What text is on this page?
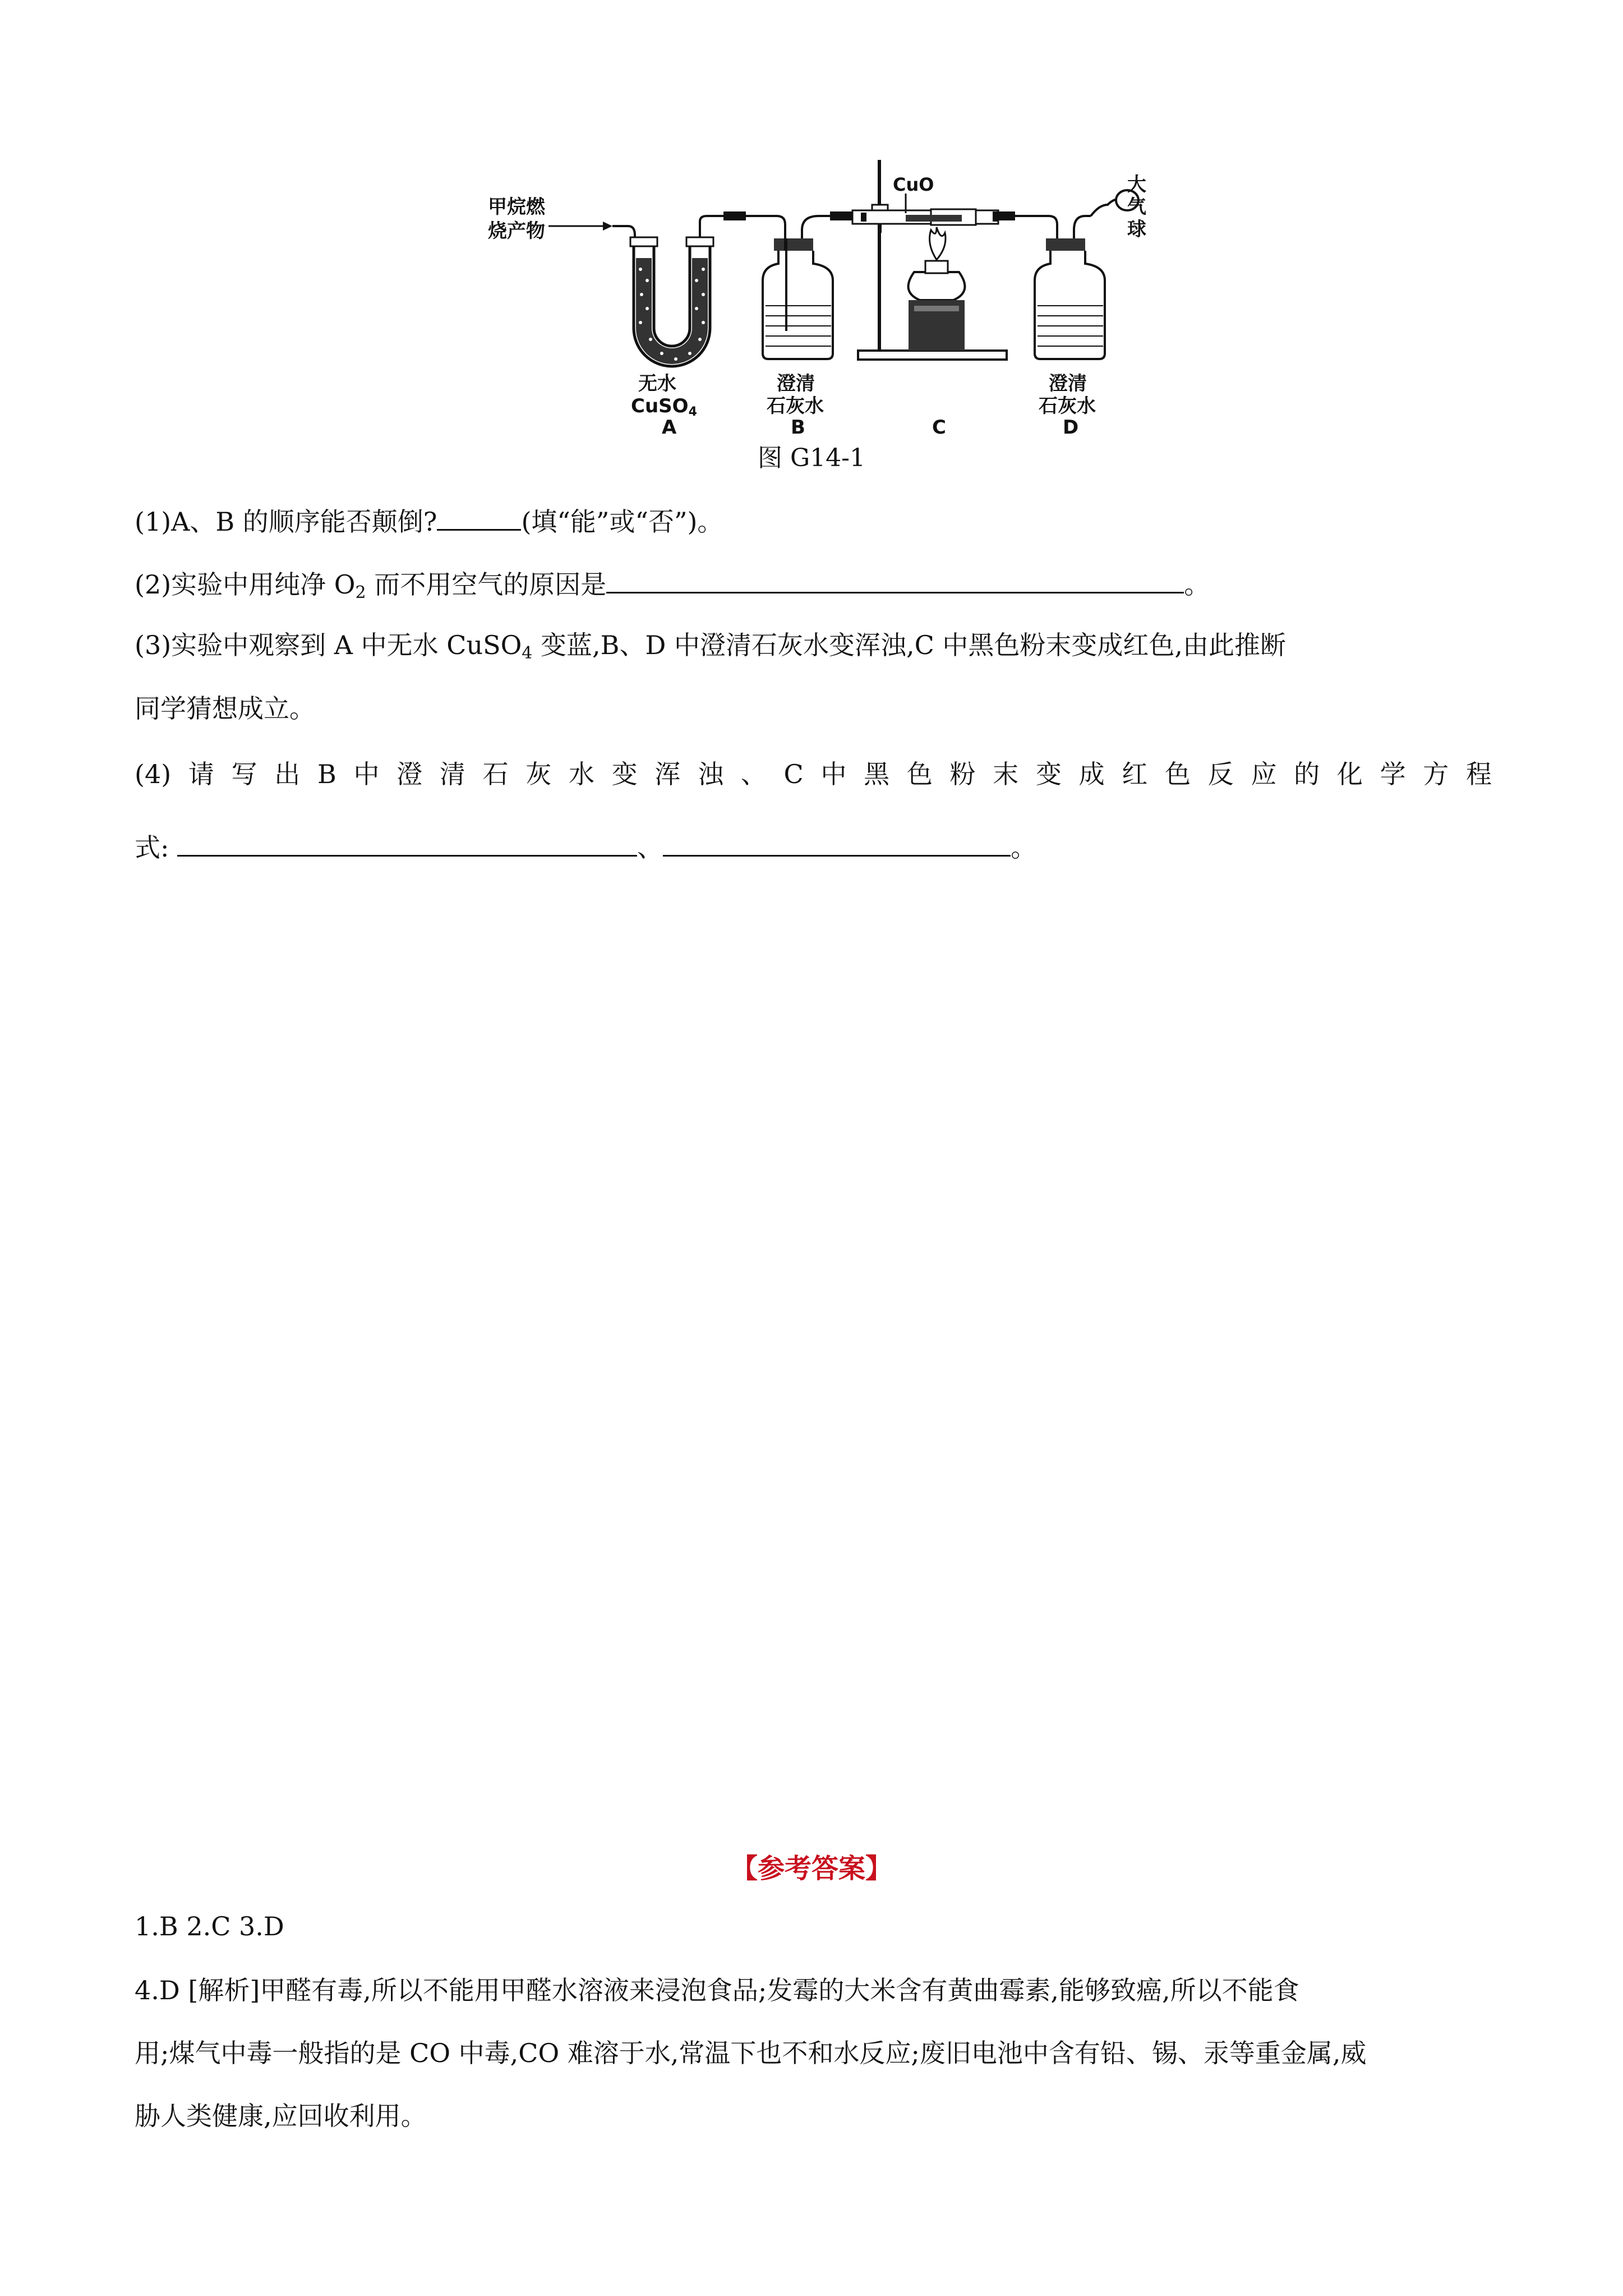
甲烷燃
烧产物
CuO	大
气
球
无水
CuSO4
A
澄清
石灰水
B	C
澄清
石灰水
D
图 G14-1
(1)A、B 的顺序能否颠倒?	(填“能”或“否”)。
(2)实验中用纯净 $O_2$ 而不用空气的原因是	。
(3)实验中观察到 A 中无水 CuSO$_4$ 变蓝,B、D 中澄清石灰水变浑浊,C 中黑色粉末变成红色,由此推断
同学猜想成立。
(4) 请 写 出 B 中 澄 清 石 灰 水 变 浑 浊 、 C 中 黑 色 粉 末 变 成 红 色 反 应 的 化 学 方 程
式:	、	。
【参考答案】
1.B 2.C 3.D
4.D [解析]甲醛有毒,所以不能用甲醛水溶液来浸泡食品;发霉的大米含有黄曲霉素,能够致癌,所以不能食
用;煤气中毒一般指的是 CO 中毒,CO 难溶于水,常温下也不和水反应;废旧电池中含有铅、锡、汞等重金属,威
胁人类健康,应回收利用。
